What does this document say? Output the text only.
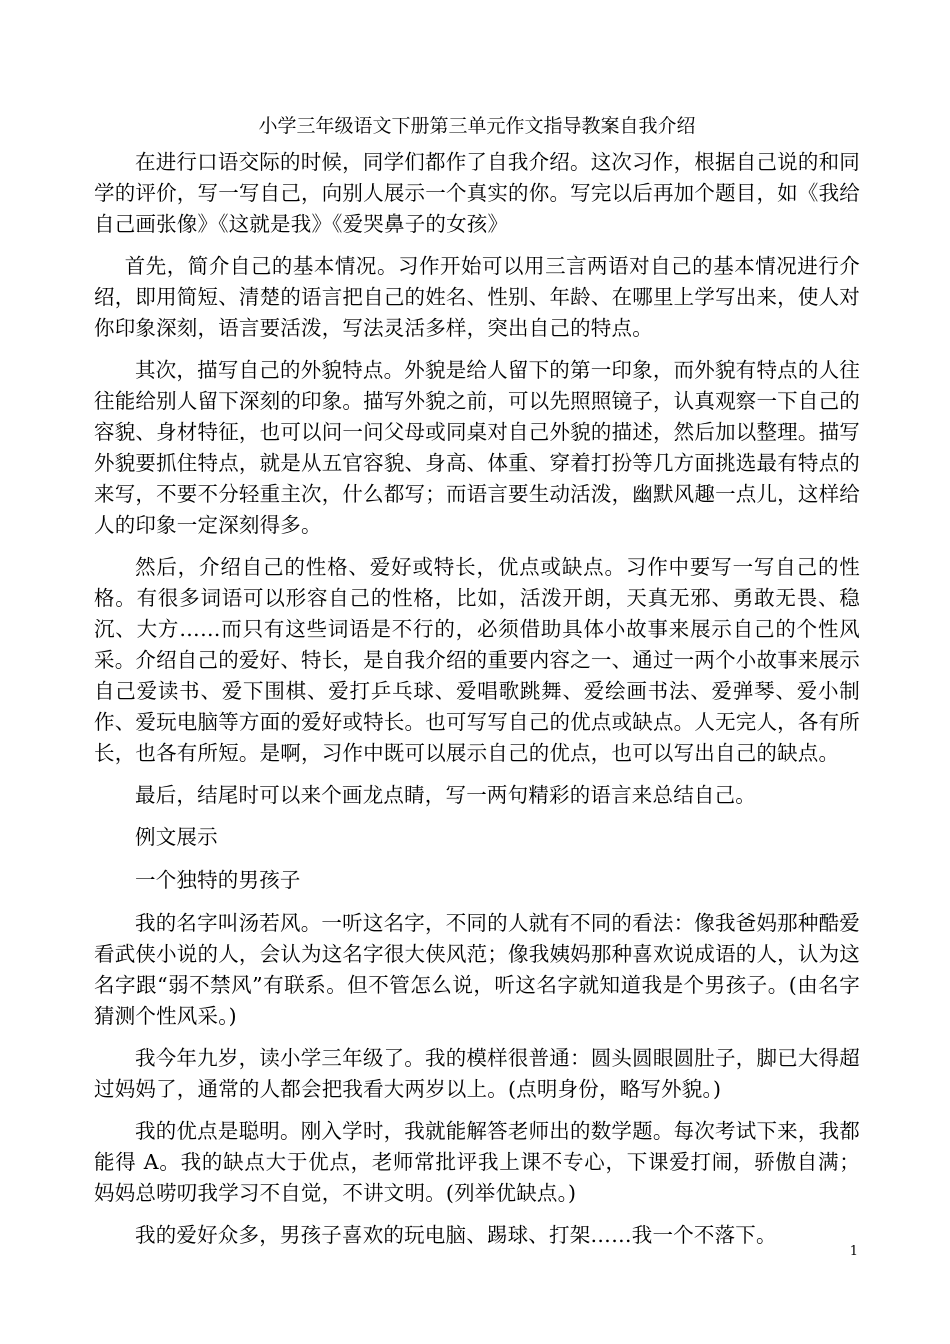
小学三年级语文下册第三单元作文指导教案自我介绍

在进行口语交际的时候，同学们都作了自我介绍。这次习作，根据自己说的和同学的评价，写一写自己，向别人展示一个真实的你。写完以后再加个题目，如《我给自己画张像》《这就是我》《爱哭鼻子的女孩》

首先，简介自己的基本情况。习作开始可以用三言两语对自己的基本情况进行介绍，即用简短、清楚的语言把自己的姓名、性别、年龄、在哪里上学写出来，使人对你印象深刻，语言要活泼，写法灵活多样，突出自己的特点。

其次，描写自己的外貌特点。外貌是给人留下的第一印象，而外貌有特点的人往往能给别人留下深刻的印象。描写外貌之前，可以先照照镜子，认真观察一下自己的容貌、身材特征，也可以问一问父母或同桌对自己外貌的描述，然后加以整理。描写外貌要抓住特点，就是从五官容貌、身高、体重、穿着打扮等几方面挑选最有特点的来写，不要不分轻重主次，什么都写；而语言要生动活泼，幽默风趣一点儿，这样给人的印象一定深刻得多。

然后，介绍自己的性格、爱好或特长，优点或缺点。习作中要写一写自己的性格。有很多词语可以形容自己的性格，比如，活泼开朗，天真无邪、勇敢无畏、稳沉、大方……而只有这些词语是不行的，必须借助具体小故事来展示自己的个性风采。介绍自己的爱好、特长，是自我介绍的重要内容之一、通过一两个小故事来展示自己爱读书、爱下围棋、爱打乒乓球、爱唱歌跳舞、爱绘画书法、爱弹琴、爱小制作、爱玩电脑等方面的爱好或特长。也可写写自己的优点或缺点。人无完人，各有所长，也各有所短。是啊，习作中既可以展示自己的优点，也可以写出自己的缺点。

最后，结尾时可以来个画龙点睛，写一两句精彩的语言来总结自己。

例文展示

一个独特的男孩子

我的名字叫汤若风。一听这名字，不同的人就有不同的看法：像我爸妈那种酷爱看武侠小说的人，会认为这名字很大侠风范；像我姨妈那种喜欢说成语的人，认为这名字跟“弱不禁风”有联系。但不管怎么说，听这名字就知道我是个男孩子。(由名字猜测个性风采。)

我今年九岁，读小学三年级了。我的模样很普通：圆头圆眼圆肚子，脚已大得超过妈妈了，通常的人都会把我看大两岁以上。(点明身份，略写外貌。)

我的优点是聪明。刚入学时，我就能解答老师出的数学题。每次考试下来，我都能得 A。我的缺点大于优点，老师常批评我上课不专心，下课爱打闹，骄傲自满；妈妈总唠叨我学习不自觉，不讲文明。(列举优缺点。)

我的爱好众多，男孩子喜欢的玩电脑、踢球、打架……我一个不落下。

1
